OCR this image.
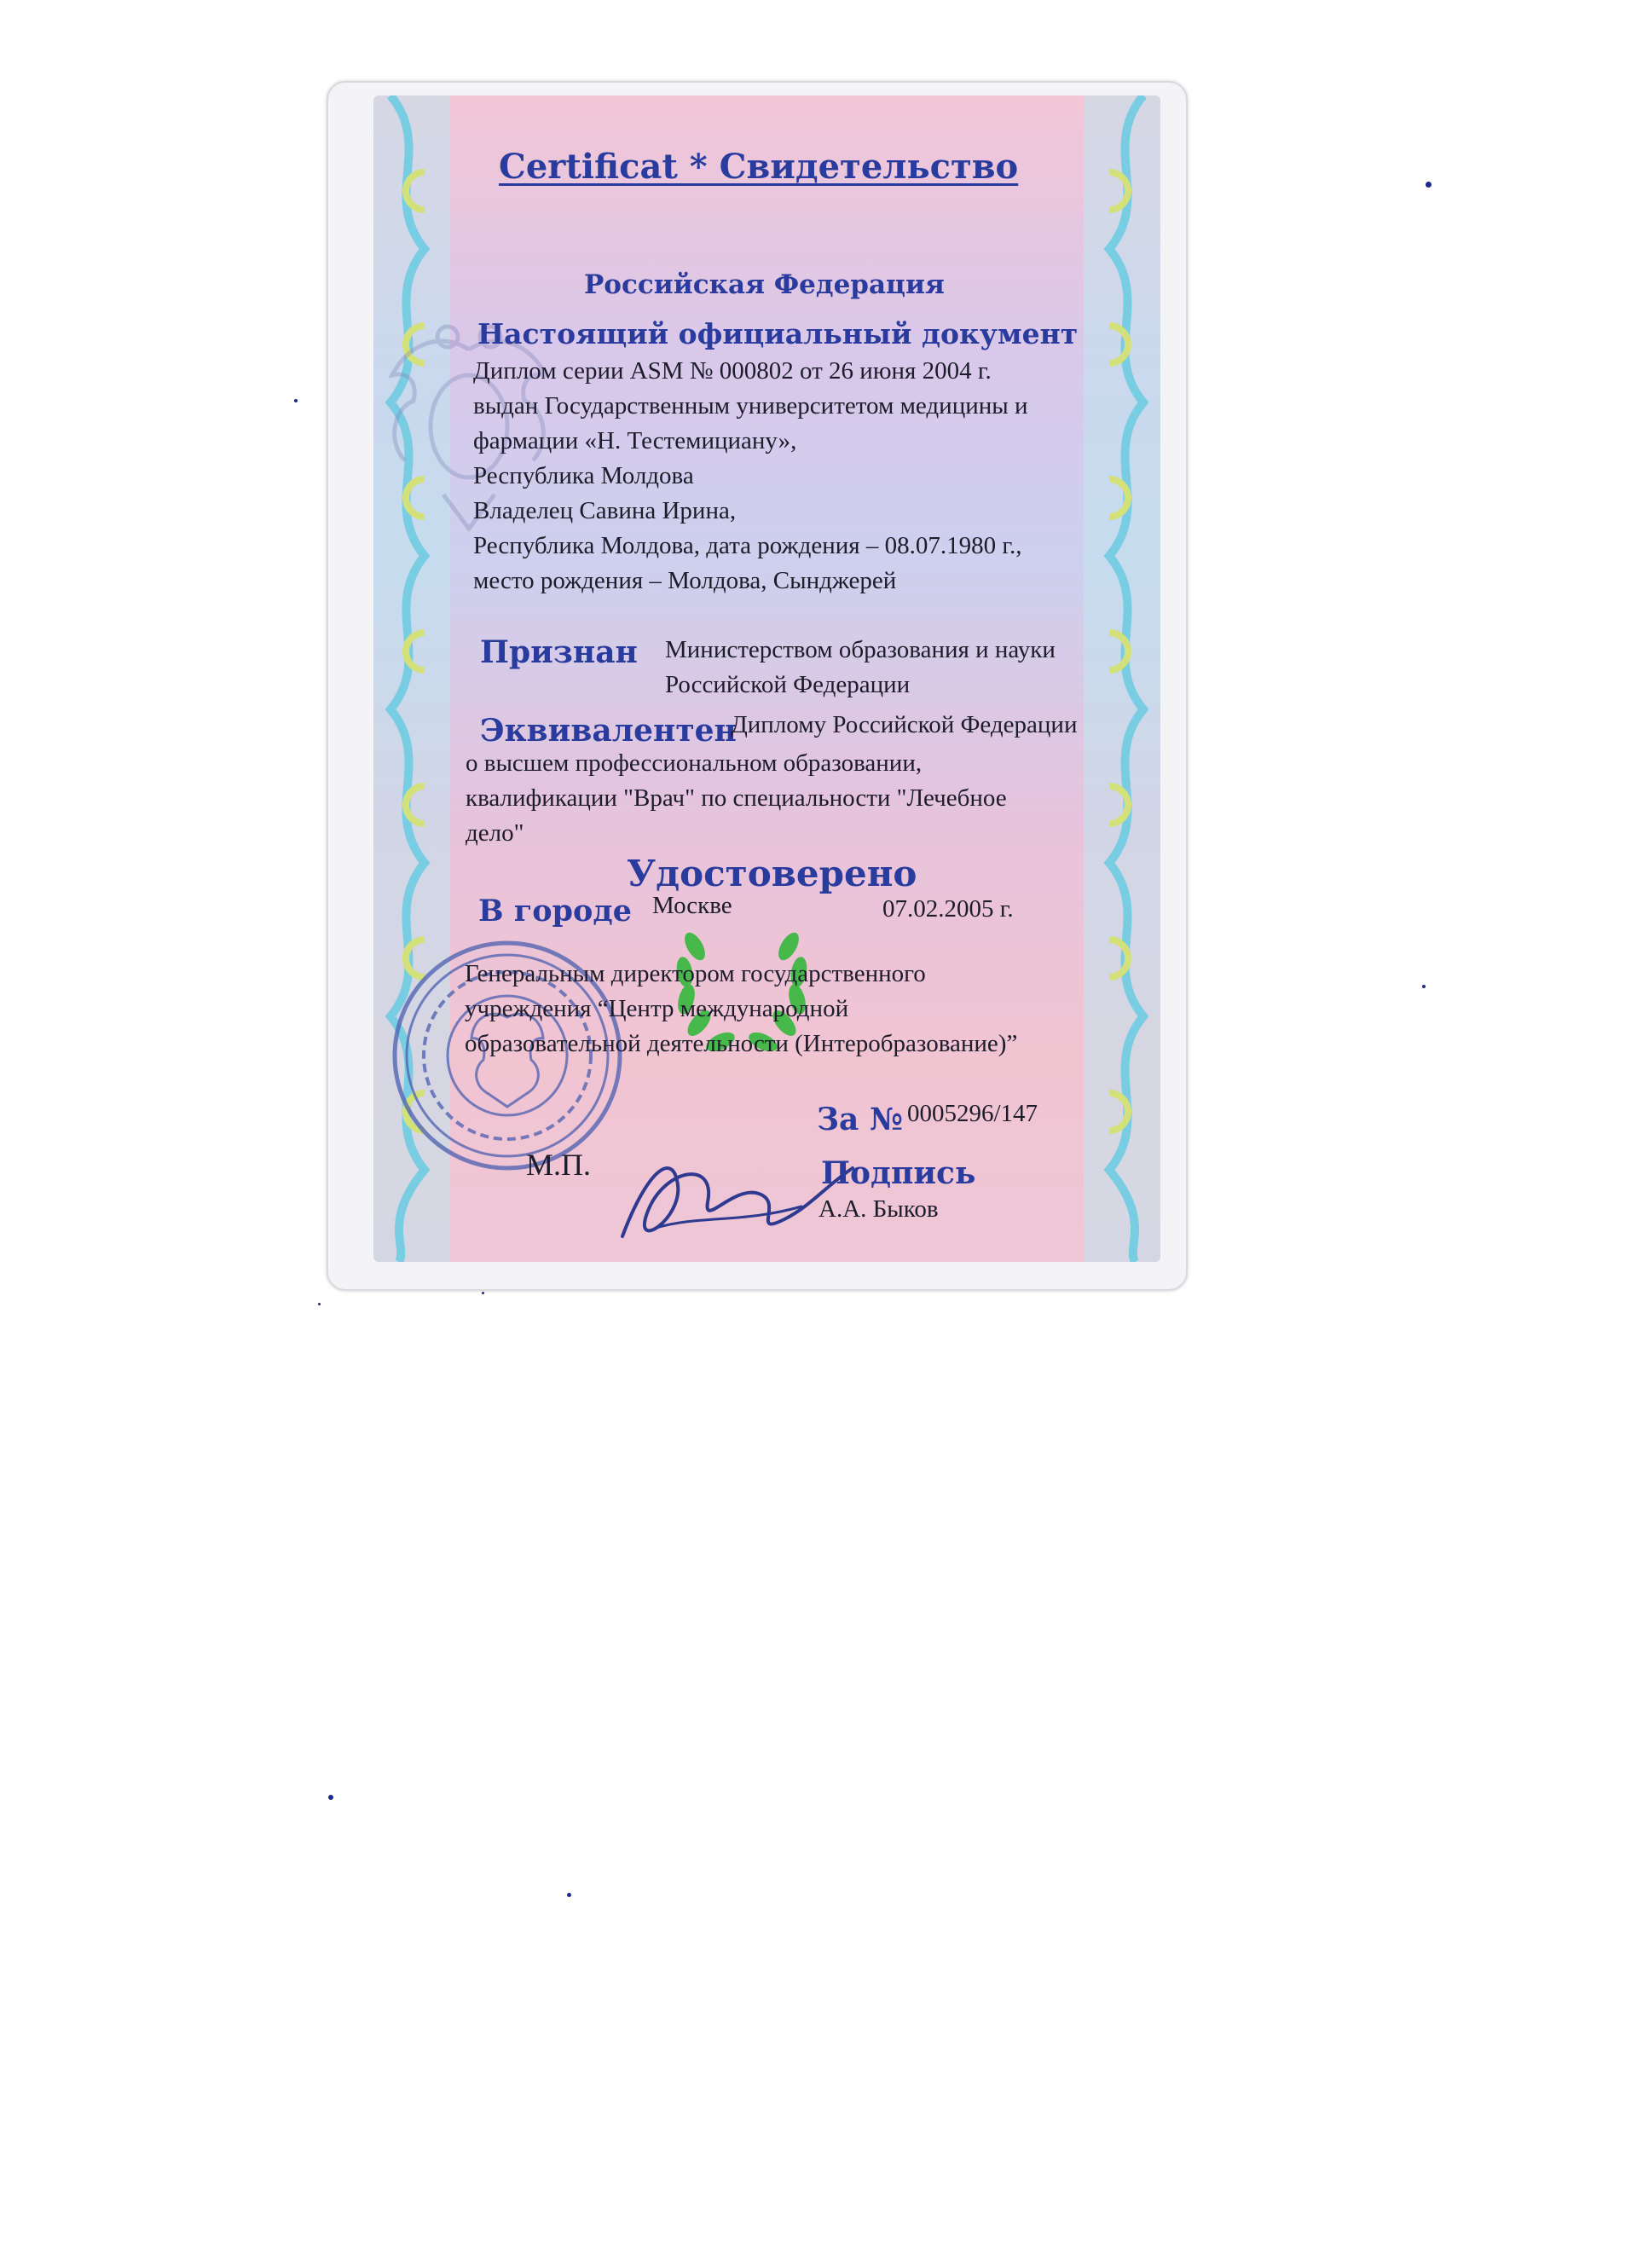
Certificat * Свидетельство
Российская Федерация
Настоящий официальный документ
Диплом серии ASM № 000802 от 26 июня 2004 г.
выдан Государственным университетом медицины и
фармации «Н. Тестемициану»,
Республика Молдова
Владелец Савина Ирина,
Республика Молдова, дата рождения – 08.07.1980 г.,
место рождения – Молдова, Сынджерей
Признан Министерством образования и науки
Российской Федерации
Эквивалентен
Диплому Российской Федерации
о высшем профессиональном образовании,
квалификации "Врач" по специальности "Лечебное
дело"
Удостоверено
В городе Москве	07.02.2005 г.
Генеральным директором государственного
учреждения “Центр международной
образовательной деятельности (Интеробразование)”
За № 0005296/147
М.П.	Подпись
А.А. Быков
